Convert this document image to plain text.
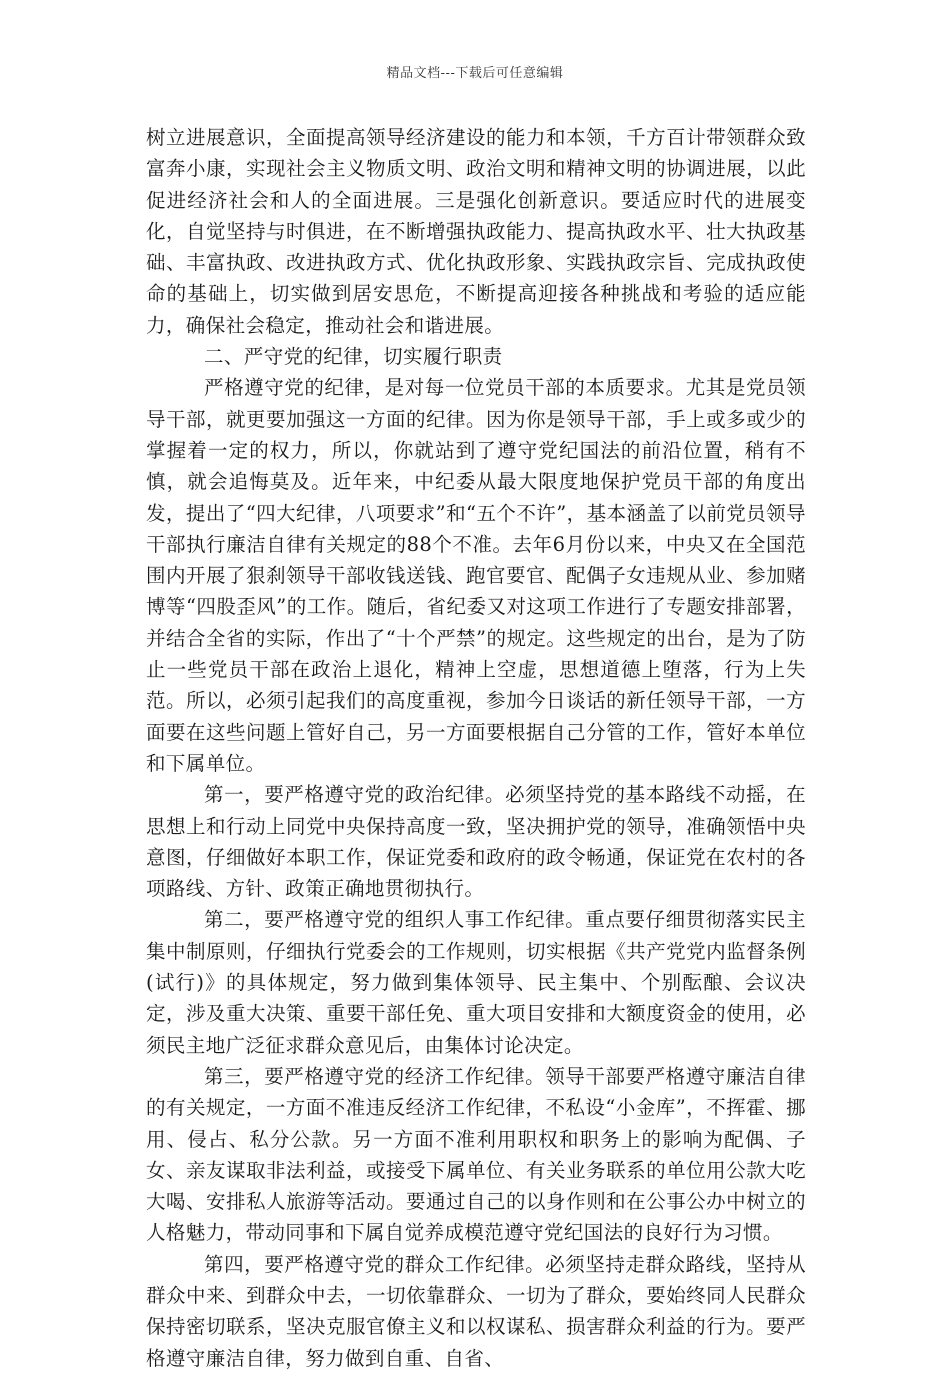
精品文档---下载后可任意编辑

树立进展意识，全面提高领导经济建设的能力和本领，千方百计带领群众致富奔小康，实现社会主义物质文明、政治文明和精神文明的协调进展，以此促进经济社会和人的全面进展。三是强化创新意识。要适应时代的进展变化，自觉坚持与时俱进，在不断增强执政能力、提高执政水平、壮大执政基础、丰富执政、改进执政方式、优化执政形象、实践执政宗旨、完成执政使命的基础上，切实做到居安思危，不断提高迎接各种挑战和考验的适应能力，确保社会稳定，推动社会和谐进展。

二、严守党的纪律，切实履行职责

严格遵守党的纪律，是对每一位党员干部的本质要求。尤其是党员领导干部，就更要加强这一方面的纪律。因为你是领导干部，手上或多或少的掌握着一定的权力，所以，你就站到了遵守党纪国法的前沿位置，稍有不慎，就会追悔莫及。近年来，中纪委从最大限度地保护党员干部的角度出发，提出了“四大纪律，八项要求”和“五个不许”，基本涵盖了以前党员领导干部执行廉洁自律有关规定的88个不准。去年6月份以来，中央又在全国范围内开展了狠刹领导干部收钱送钱、跑官要官、配偶子女违规从业、参加赌博等“四股歪风”的工作。随后，省纪委又对这项工作进行了专题安排部署，并结合全省的实际，作出了“十个严禁”的规定。这些规定的出台，是为了防止一些党员干部在政治上退化，精神上空虚，思想道德上堕落，行为上失范。所以，必须引起我们的高度重视，参加今日谈话的新任领导干部，一方面要在这些问题上管好自己，另一方面要根据自己分管的工作，管好本单位和下属单位。

第一，要严格遵守党的政治纪律。必须坚持党的基本路线不动摇，在思想上和行动上同党中央保持高度一致，坚决拥护党的领导，准确领悟中央意图，仔细做好本职工作，保证党委和政府的政令畅通，保证党在农村的各项路线、方针、政策正确地贯彻执行。

第二，要严格遵守党的组织人事工作纪律。重点要仔细贯彻落实民主集中制原则，仔细执行党委会的工作规则，切实根据《共产党党内监督条例(试行)》的具体规定，努力做到集体领导、民主集中、个别酝酿、会议决定，涉及重大决策、重要干部任免、重大项目安排和大额度资金的使用，必须民主地广泛征求群众意见后，由集体讨论决定。

第三，要严格遵守党的经济工作纪律。领导干部要严格遵守廉洁自律的有关规定，一方面不准违反经济工作纪律，不私设“小金库”，不挥霍、挪用、侵占、私分公款。另一方面不准利用职权和职务上的影响为配偶、子女、亲友谋取非法利益，或接受下属单位、有关业务联系的单位用公款大吃大喝、安排私人旅游等活动。要通过自己的以身作则和在公事公办中树立的人格魅力，带动同事和下属自觉养成模范遵守党纪国法的良好行为习惯。

第四，要严格遵守党的群众工作纪律。必须坚持走群众路线，坚持从群众中来、到群众中去，一切依靠群众、一切为了群众，要始终同人民群众保持密切联系，坚决克服官僚主义和以权谋私、损害群众利益的行为。要严格遵守廉洁自律，努力做到自重、自省、
